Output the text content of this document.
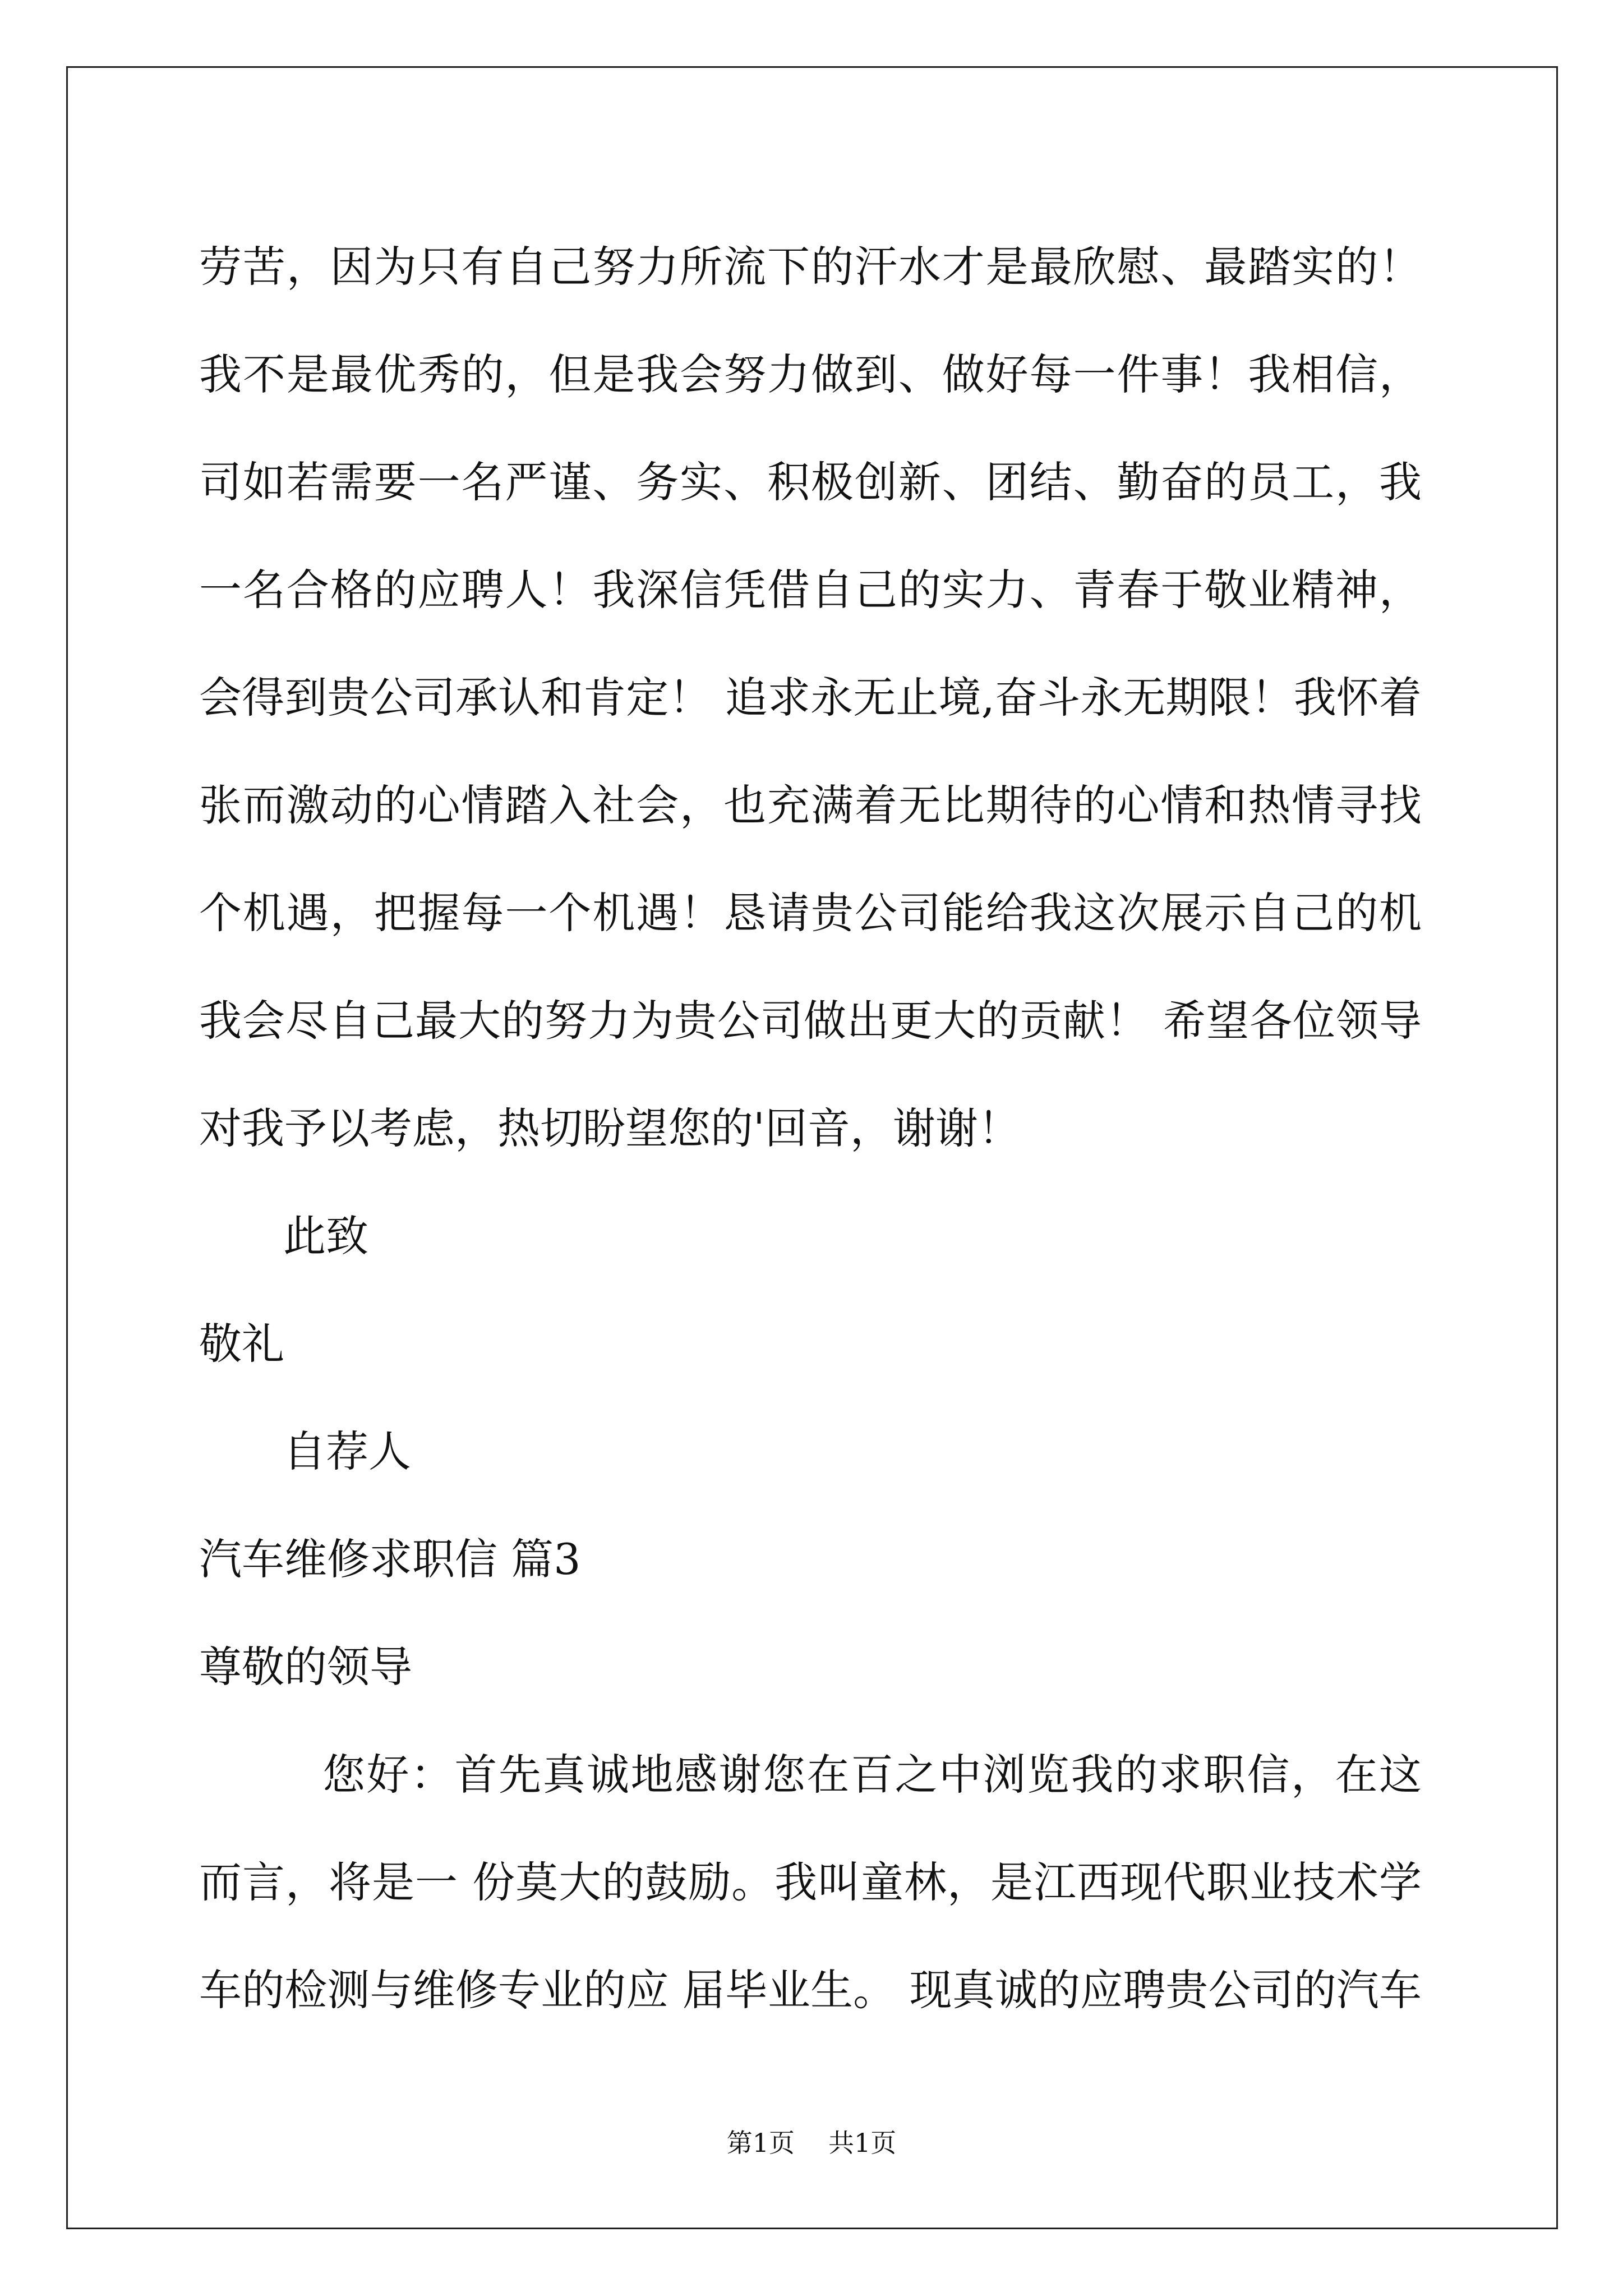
劳苦，因为只有自己努力所流下的汗水才是最欣慰、最踏实的！
我不是最优秀的，但是我会努力做到、做好每一件事！我相信，
司如若需要一名严谨、务实、积极创新、团结、勤奋的员工，我
一名合格的应聘人！我深信凭借自己的实力、青春于敬业精神，
会得到贵公司承认和肯定！ 追求永无止境,奋斗永无期限！我怀着
张而激动的心情踏入社会，也充满着无比期待的心情和热情寻找
个机遇，把握每一个机遇！恳请贵公司能给我这次展示自己的机
我会尽自己最大的努力为贵公司做出更大的贡献！ 希望各位领导
对我予以考虑，热切盼望您的'回音，谢谢！
此致
敬礼
自荐人
汽车维修求职信 篇3
尊敬的领导
您好：首先真诚地感谢您在百之中浏览我的求职信，在这
而言，将是一 份莫大的鼓励。我叫童林，是江西现代职业技术学
车的检测与维修专业的应 届毕业生。 现真诚的应聘贵公司的汽车
第1页 共1页
